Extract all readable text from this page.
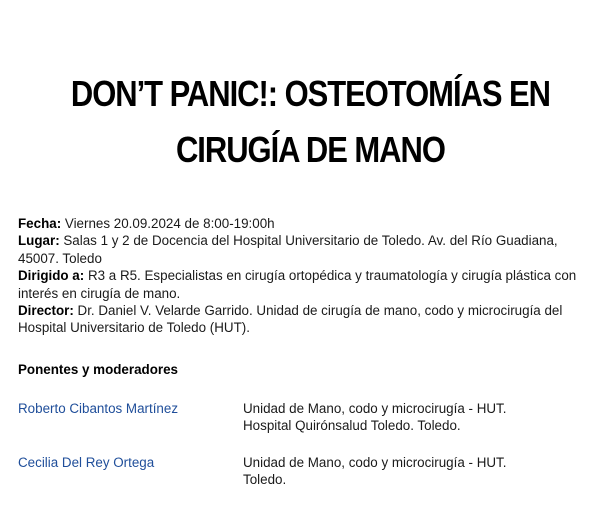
DON’T PANIC!: OSTEOTOMÍAS EN
CIRUGÍA DE MANO

Fecha: Viernes 20.09.2024 de 8:00-19:00h

Lugar: Salas 1 y 2 de Docencia del Hospital Universitario de Toledo. Av. del Río Guadiana, 45007. Toledo

Dirigido a: R3 a R5. Especialistas en cirugía ortopédica y traumatología y cirugía plástica con interés en cirugía de mano.

Director: Dr. Daniel V. Velarde Garrido. Unidad de cirugía de mano, codo y microcirugía del Hospital Universitario de Toledo (HUT).

Ponentes y moderadores
Roberto Cibantos Martínez	Unidad de Mano, codo y microcirugía - HUT.
Hospital Quirónsalud Toledo. Toledo.
Cecilia Del Rey Ortega	Unidad de Mano, codo y microcirugía - HUT.
Toledo.
